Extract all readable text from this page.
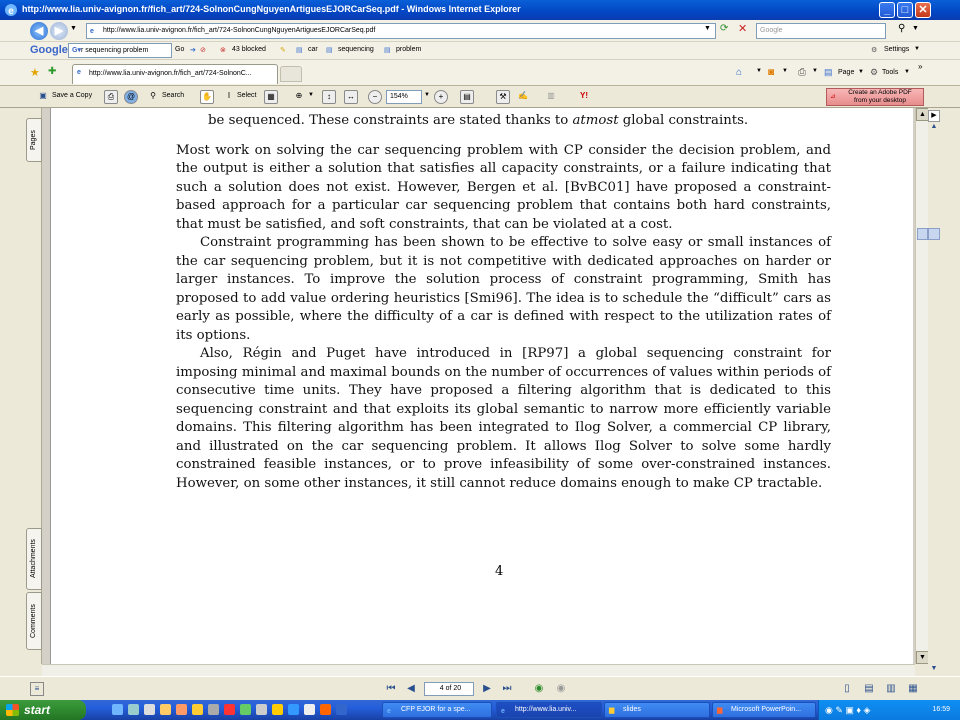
e http://www.lia.univ-avignon.fr/fich_art/724-SolnonCungNguyenArtiguesEJORCarSeq.pdf - Windows Internet Explorer	_	□ ✕
◀	▶ ▼ e http://www.lia.univ-avignon.fr/fich_art/724-SolnonCungNguyenArtiguesEJORCarSeq.pdf	▼ ⟳ ✕	Google	⚲ ▼
Google G▾r sequencing problem	Go ➔ ⊘ ⊗ 43 blocked ✎ ▤ car ▤ sequencing ▤ problem	⚙ Settings ▼
★ ✚	e http://www.lia.univ-avignon.fr/fich_art/724-SolnonC...	⌂ ▼ ◙ ▼ ⎙ ▼ ▤ Page ▼ ⚙ Tools ▼
»
▣ Save a Copy	⎙	@	⚲ Search ✋	I Select	▦	⊕ ▼	↕	↔	−	154%	▼	+	▤	⚒	✍	▥	Y!	⊿
Create an Adobe PDF
from your desktop
Pages
Attachments
Comments

be sequenced. These constraints are stated thanks to atmost global constraints.

Most work on solving the car sequencing problem with CP consider the decision problem, and the output is either a solution that satisfies all capacity constraints, or a failure indicating that such a solution does not exist. However, Bergen et al. [BvBC01] have proposed a constraint-based approach for a particular car sequencing problem that contains both hard constraints, that must be satisfied, and soft constraints, that can be violated at a cost.

Constraint programming has been shown to be effective to solve easy or small instances of the car sequencing problem, but it is not competitive with dedicated approaches on harder or larger instances. To improve the solution process of constraint programming, Smith has proposed to add value ordering heuristics [Smi96]. The idea is to schedule the “difficult” cars as early as possible, where the difficulty of a car is defined with respect to the utilization rates of its options.

Also, Régin and Puget have introduced in [RP97] a global sequencing constraint for imposing minimal and maximal bounds on the number of occurrences of values within periods of consecutive time units. They have proposed a filtering algorithm that is dedicated to this sequencing constraint and that exploits its global semantic to narrow more efficiently variable domains. This filtering algorithm has been integrated to Ilog Solver, a commercial CP library, and illustrated on the car sequencing problem. It allows Ilog Solver to solve some hardly constrained feasible instances, or to prove infeasibility of some over-constrained instances. However, on some other instances, it still cannot reduce domains enough to make CP tractable.

4
▲
▼
▶
▲
▼
≡	⏮	◀	4 of 20	▶	⏭ ◉ ◉	▯	▤ ▥ ▦
start	e CFP EJOR for a spe...	e http://www.lia.univ...	▆ slides	▆ Microsoft PowerPoin...	◉ ✎ ▣ ♦ ◈	16:59
